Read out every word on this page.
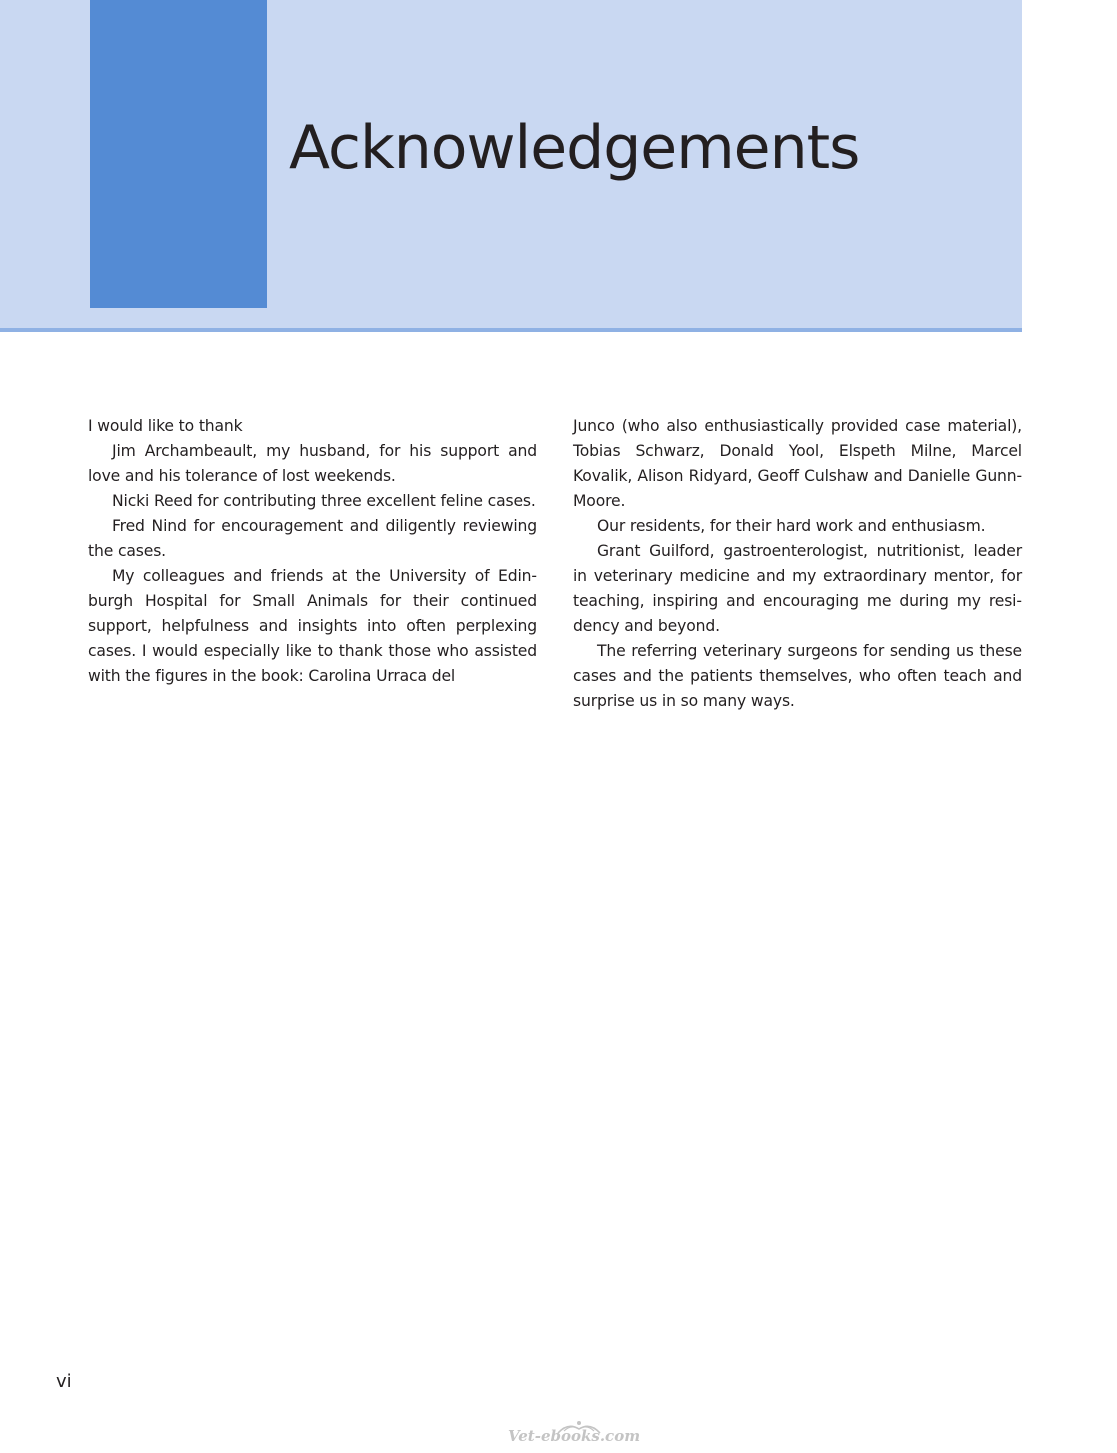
Acknowledgements

I would like to thank

Jim Archambeault, my husband, for his support and love and his tolerance of lost weekends.

Nicki Reed for contributing three excellent feline cases.

Fred Nind for encouragement and diligently reviewing the cases.

My colleagues and friends at the University of Edinburgh Hospital for Small Animals for their continued support, helpfulness and insights into often perplexing cases. I would especially like to thank those who assisted with the figures in the book: Carolina Urraca del

Junco (who also enthusiastically provided case material), Tobias Schwarz, Donald Yool, Elspeth Milne, Marcel Kovalik, Alison Ridyard, Geoff Culshaw and Danielle Gunn-Moore.

Our residents, for their hard work and enthusiasm.

Grant Guilford, gastroenterologist, nutritionist, leader in veterinary medicine and my extraordinary mentor, for teaching, inspiring and encouraging me during my residency and beyond.

The referring veterinary surgeons for sending us these cases and the patients themselves, who often teach and surprise us in so many ways.

vi
Vet-ebooks.com
